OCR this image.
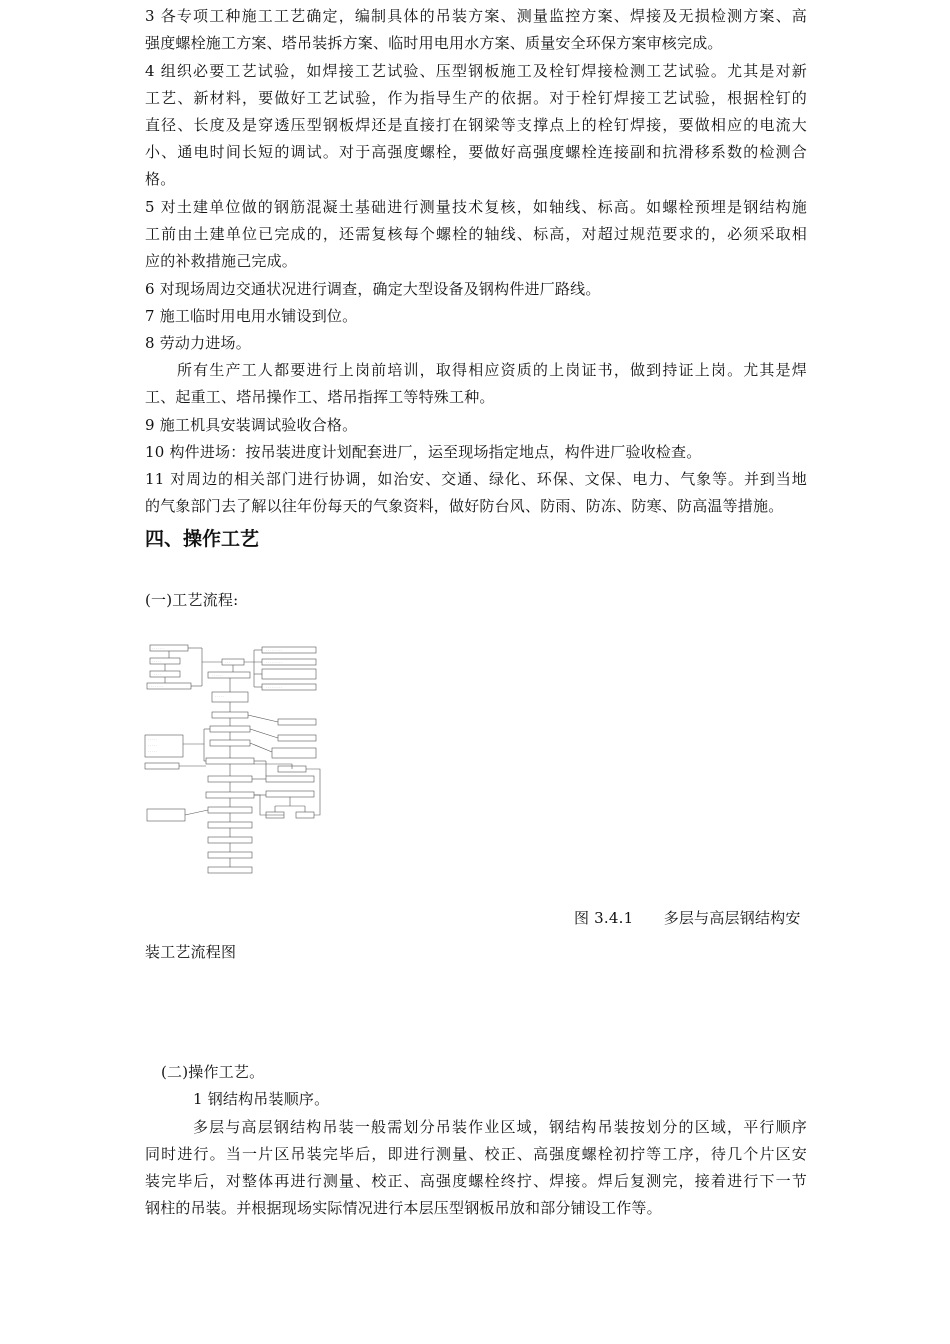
3 各专项工种施工工艺确定，编制具体的吊装方案、测量监控方案、焊接及无损检测方案、高
强度螺栓施工方案、塔吊装拆方案、临时用电用水方案、质量安全环保方案审核完成。
4 组织必要工艺试验，如焊接工艺试验、压型钢板施工及栓钉焊接检测工艺试验。尤其是对新
工艺、新材料，要做好工艺试验，作为指导生产的依据。对于栓钉焊接工艺试验，根据栓钉的
直径、长度及是穿透压型钢板焊还是直接打在钢梁等支撑点上的栓钉焊接，要做相应的电流大
小、通电时间长短的调试。对于高强度螺栓，要做好高强度螺栓连接副和抗滑移系数的检测合
格。
5 对土建单位做的钢筋混凝土基础进行测量技术复核，如轴线、标高。如螺栓预埋是钢结构施
工前由土建单位已完成的，还需复核每个螺栓的轴线、标高，对超过规范要求的，必须采取相
应的补救措施己完成。
6 对现场周边交通状况进行调查，确定大型设备及钢构件进厂路线。
7 施工临时用电用水铺设到位。
8 劳动力进场。
所有生产工人都要进行上岗前培训，取得相应资质的上岗证书，做到持证上岗。尤其是焊
工、起重工、塔吊操作工、塔吊指挥工等特殊工种。
9 施工机具安装调试验收合格。
10 构件进场：按吊装进度计划配套进厂，运至现场指定地点，构件进厂验收检查。
11 对周边的相关部门进行协调，如治安、交通、绿化、环保、文保、电力、气象等。并到当地
的气象部门去了解以往年份每天的气象资料，做好防台风、防雨、防冻、防寒、防高温等措施。
四、操作工艺
(一)工艺流程:
· · · · · · ·
· · · · ·
· · · ·
· · · · · · · ·
· · ·
· · · · · ·
· · · · ·
· · · · · · · · ·
· · · · · · · · ·
· · · · · · · · ·
· · · · ·
· · · · ·
· · · · ·
图 3.4.1　　多层与高层钢结构安
装工艺流程图
(二)操作工艺。
1 钢结构吊装顺序。
多层与高层钢结构吊装一般需划分吊装作业区域，钢结构吊装按划分的区域，平行顺序
同时进行。当一片区吊装完毕后，即进行测量、校正、高强度螺栓初拧等工序，待几个片区安
装完毕后，对整体再进行测量、校正、高强度螺栓终拧、焊接。焊后复测完，接着进行下一节
钢柱的吊装。并根据现场实际情况进行本层压型钢板吊放和部分铺设工作等。
